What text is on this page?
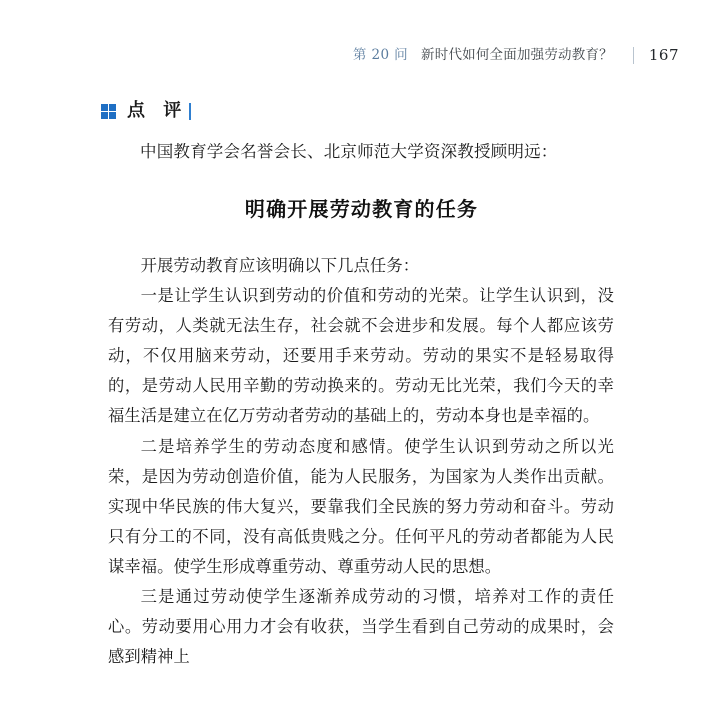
第 20 问 新时代如何全面加强劳动教育？ 167
点 评
中国教育学会名誉会长、北京师范大学资深教授顾明远：
明确开展劳动教育的任务

开展劳动教育应该明确以下几点任务：

一是让学生认识到劳动的价值和劳动的光荣。让学生认识到，没有劳动，人类就无法生存，社会就不会进步和发展。每个人都应该劳动，不仅用脑来劳动，还要用手来劳动。劳动的果实不是轻易取得的，是劳动人民用辛勤的劳动换来的。劳动无比光荣，我们今天的幸福生活是建立在亿万劳动者劳动的基础上的，劳动本身也是幸福的。

二是培养学生的劳动态度和感情。使学生认识到劳动之所以光荣，是因为劳动创造价值，能为人民服务，为国家为人类作出贡献。实现中华民族的伟大复兴，要靠我们全民族的努力劳动和奋斗。劳动只有分工的不同，没有高低贵贱之分。任何平凡的劳动者都能为人民谋幸福。使学生形成尊重劳动、尊重劳动人民的思想。

三是通过劳动使学生逐渐养成劳动的习惯，培养对工作的责任心。劳动要用心用力才会有收获，当学生看到自己劳动的成果时，会感到精神上
